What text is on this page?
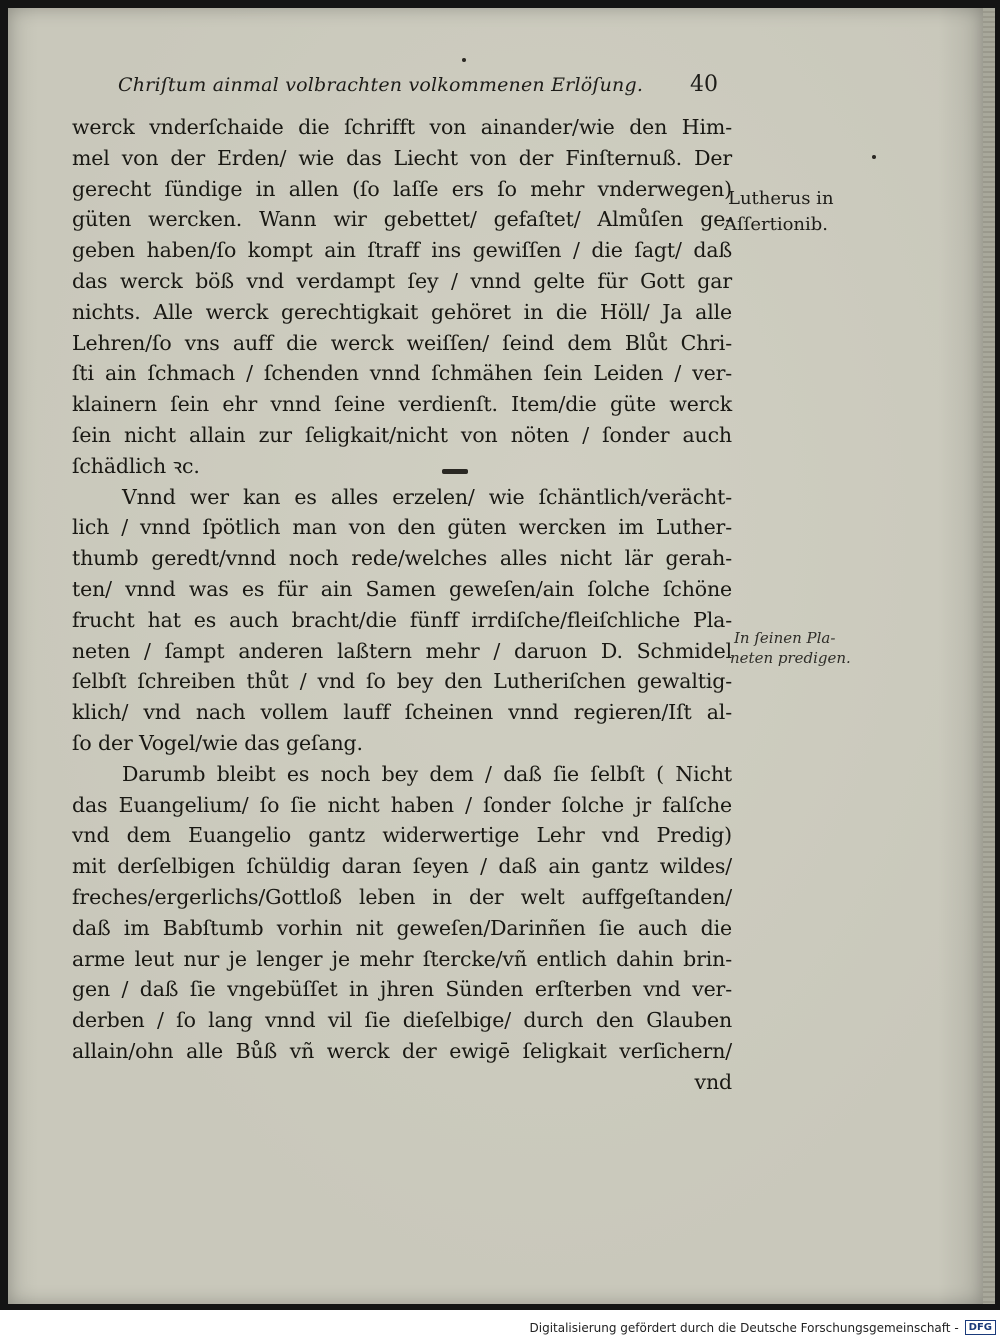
Chriſtum ainmal volbrachten volkommenen Erlöſung. 40
werck vnderſchaide die ſchrifft von ainander/wie den Him‑
mel von der Erden/ wie das Liecht von der Finſternuß. Der
gerecht ſündige in allen (ſo laſſe ers ſo mehr vnderwegen)
güten wercken. Wann wir gebettet/ gefaſtet/ Almůſen ge‑
geben haben/ſo kompt ain ſtraff ins gewiſſen / die ſagt/ daß
das werck böß vnd verdampt ſey / vnnd gelte für Gott gar
nichts. Alle werck gerechtigkait gehöret in die Höll/ Ja alle
Lehren/ſo vns auff die werck weiſſen/ ſeind dem Blůt Chri‑
ſti ain ſchmach / ſchenden vnnd ſchmähen ſein Leiden / ver‑
klainern ſein ehr vnnd ſeine verdienſt. Item/die güte werck
ſein nicht allain zur ſeligkait/nicht von nöten / ſonder auch
ſchädlich ꝛc.
Vnnd wer kan es alles erzelen/ wie ſchäntlich/verächt‑
lich / vnnd ſpötlich man von den güten wercken im Luther‑
thumb geredt/vnnd noch rede/welches alles nicht lär gerah‑
ten/ vnnd was es für ain Samen geweſen/ain ſolche ſchöne
frucht hat es auch bracht/die fünff irrdiſche/fleiſchliche Pla‑
neten / ſampt anderen laßtern mehr / daruon D. Schmidel
ſelbſt ſchreiben thůt / vnd ſo bey den Lutheriſchen gewaltig‑
klich/ vnd nach vollem lauff ſcheinen vnnd regieren/Iſt al‑
ſo der Vogel/wie das geſang.
Darumb bleibt es noch bey dem / daß ſie ſelbſt ( Nicht
das Euangelium/ ſo ſie nicht haben / ſonder ſolche jr falſche
vnd dem Euangelio gantz widerwertige Lehr vnd Predig)
mit derſelbigen ſchüldig daran ſeyen / daß ain gantz wildes/
freches/ergerlichs/Gottloß leben in der welt auffgeſtanden/
daß im Babſtumb vorhin nit geweſen/Darinñen ſie auch die
arme leut nur je lenger je mehr ſtercke/vñ entlich dahin brin‑
gen / daß ſie vngebüſſet in jhren Sünden erſterben vnd ver‑
derben / ſo lang vnnd vil ſie dieſelbige/ durch den Glauben
allain/ohn alle Bůß vñ werck der ewigē ſeligkait verſichern/
vnd
Lutherus in
Aſſertionib.
In ſeinen Pla‑
neten predigen.
Digitalisierung gefördert durch die Deutsche Forschungsgemeinschaft -	DFG
